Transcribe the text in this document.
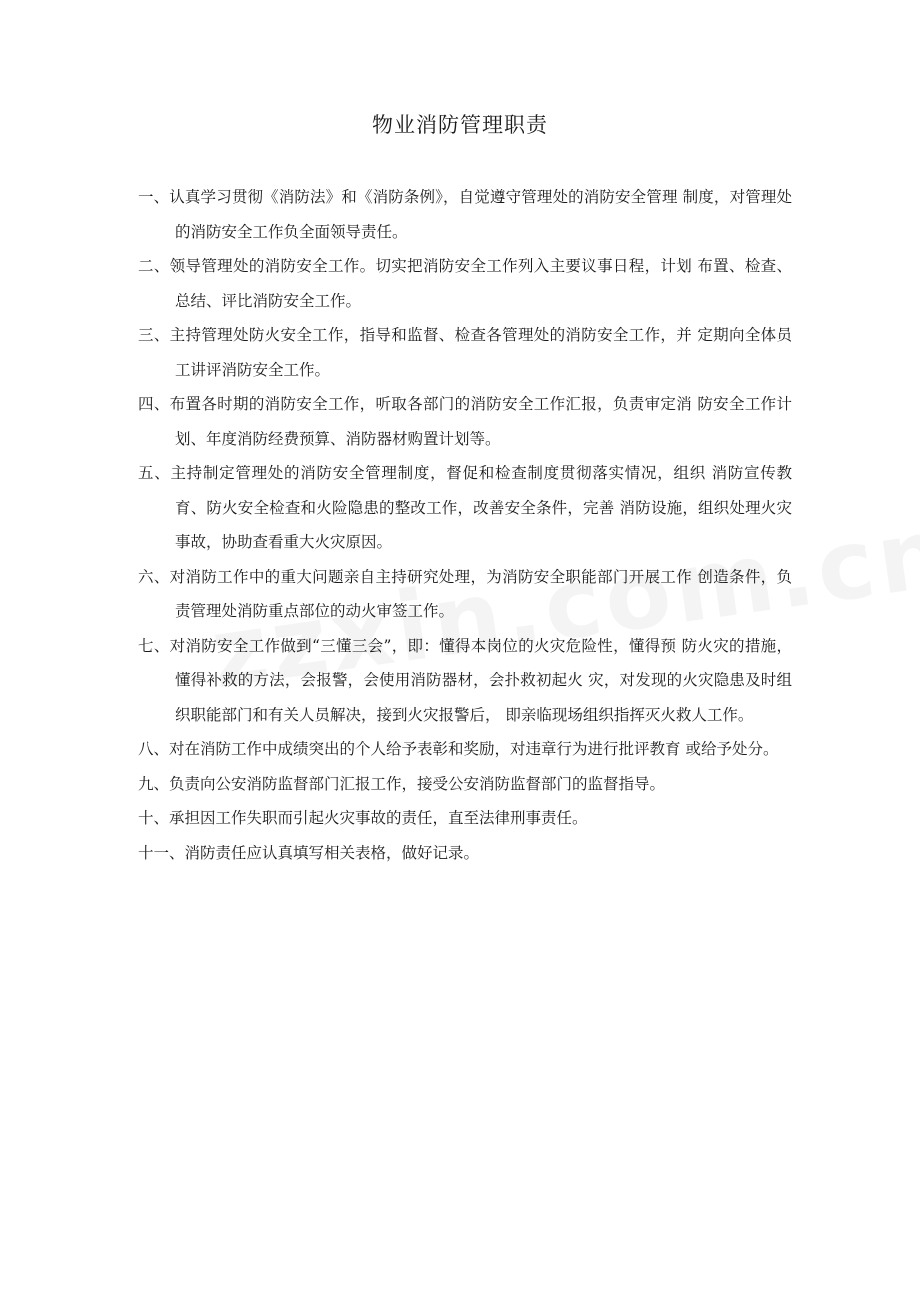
物业消防管理职责
一、认真学习贯彻《消防法》和《消防条例》，自觉遵守管理处的消防安全管理 制度，对管理处的消防安全工作负全面领导责任。
二、领导管理处的消防安全工作。切实把消防安全工作列入主要议事日程，计划 布置、检查、总结、评比消防安全工作。
三、主持管理处防火安全工作，指导和监督、检查各管理处的消防安全工作，并 定期向全体员工讲评消防安全工作。
四、布置各时期的消防安全工作，听取各部门的消防安全工作汇报，负责审定消 防安全工作计划、年度消防经费预算、消防器材购置计划等。
五、主持制定管理处的消防安全管理制度，督促和检查制度贯彻落实情况，组织 消防宣传教育、防火安全检查和火险隐患的整改工作，改善安全条件，完善 消防设施，组织处理火灾事故，协助查看重大火灾原因。
六、对消防工作中的重大问题亲自主持研究处理，为消防安全职能部门开展工作 创造条件，负责管理处消防重点部位的动火审签工作。
七、对消防安全工作做到“三懂三会”，即：懂得本岗位的火灾危险性，懂得预 防火灾的措施，懂得补救的方法，会报警，会使用消防器材，会扑救初起火 灾，对发现的火灾隐患及时组织职能部门和有关人员解决，接到火灾报警后， 即亲临现场组织指挥灭火救人工作。
八、对在消防工作中成绩突出的个人给予表彰和奖励，对违章行为进行批评教育 或给予处分。
九、负责向公安消防监督部门汇报工作，接受公安消防监督部门的监督指导。
十、承担因工作失职而引起火灾事故的责任，直至法律刑事责任。
十一、消防责任应认真填写相关表格，做好记录。
